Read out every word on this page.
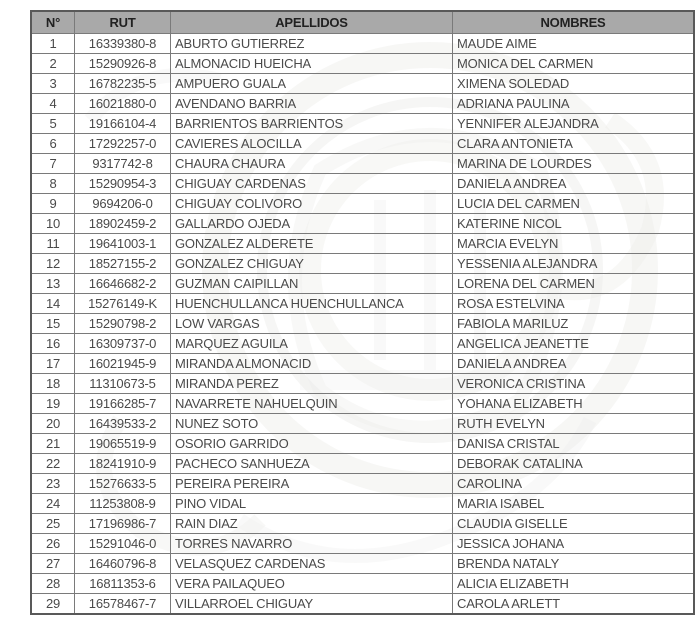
N°	RUT	APELLIDOS	NOMBRES
1	16339380-8	ABURTO GUTIERREZ	MAUDE AIME
2	15290926-8	ALMONACID HUEICHA	MONICA DEL CARMEN
3	16782235-5	AMPUERO GUALA	XIMENA SOLEDAD
4	16021880-0	AVENDANO BARRIA	ADRIANA PAULINA
5	19166104-4	BARRIENTOS BARRIENTOS	YENNIFER ALEJANDRA
6	17292257-0	CAVIERES ALOCILLA	CLARA ANTONIETA
7	9317742-8	CHAURA CHAURA	MARINA DE LOURDES
8	15290954-3	CHIGUAY CARDENAS	DANIELA ANDREA
9	9694206-0	CHIGUAY COLIVORO	LUCIA DEL CARMEN
10	18902459-2	GALLARDO OJEDA	KATERINE NICOL
11	19641003-1	GONZALEZ ALDERETE	MARCIA EVELYN
12	18527155-2	GONZALEZ CHIGUAY	YESSENIA ALEJANDRA
13	16646682-2	GUZMAN CAIPILLAN	LORENA DEL CARMEN
14	15276149-K	HUENCHULLANCA HUENCHULLANCA	ROSA ESTELVINA
15	15290798-2	LOW VARGAS	FABIOLA MARILUZ
16	16309737-0	MARQUEZ AGUILA	ANGELICA JEANETTE
17	16021945-9	MIRANDA ALMONACID	DANIELA ANDREA
18	11310673-5	MIRANDA PEREZ	VERONICA CRISTINA
19	19166285-7	NAVARRETE NAHUELQUIN	YOHANA ELIZABETH
20	16439533-2	NUNEZ SOTO	RUTH EVELYN
21	19065519-9	OSORIO GARRIDO	DANISA CRISTAL
22	18241910-9	PACHECO SANHUEZA	DEBORAK CATALINA
23	15276633-5	PEREIRA PEREIRA	CAROLINA
24	11253808-9	PINO VIDAL	MARIA ISABEL
25	17196986-7	RAIN DIAZ	CLAUDIA GISELLE
26	15291046-0	TORRES NAVARRO	JESSICA JOHANA
27	16460796-8	VELASQUEZ CARDENAS	BRENDA NATALY
28	16811353-6	VERA PAILAQUEO	ALICIA ELIZABETH
29	16578467-7	VILLARROEL CHIGUAY	CAROLA ARLETT
